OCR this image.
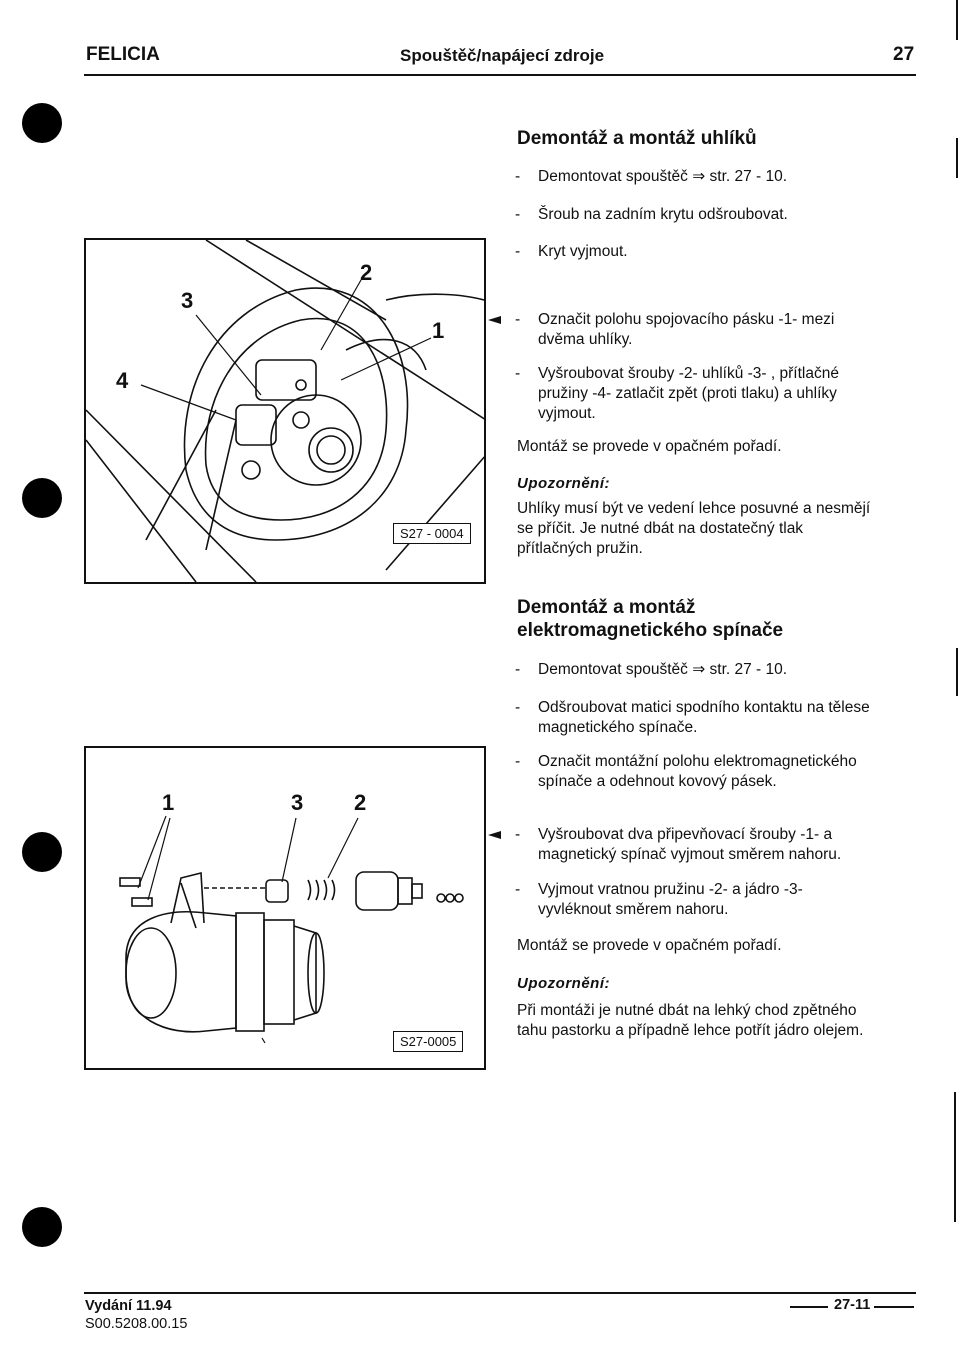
FELICIA	Spouštěč/napájecí zdroje	27
Demontáž a montáž uhlíků
- Demontovat spouštěč ⇒ str. 27 - 10.
- Šroub na zadním krytu odšroubovat.
- Kryt vyjmout.
- Označit polohu spojovacího pásku -1- mezi dvěma uhlíky.
- Vyšroubovat šrouby -2- uhlíků -3- , přítlačné pružiny -4- zatlačit zpět (proti tlaku) a uhlíky vyjmout.
Montáž se provede v opačném pořadí.
Upozornění:
Uhlíky musí být ve vedení lehce posuvné a nesmějí se příčit. Je nutné dbát na dostatečný tlak přítlačných pružin.
1
2
3
4
S27 - 0004
Demontáž a montáž
elektromagnetického spínače
- Demontovat spouštěč ⇒ str. 27 - 10.
- Odšroubovat matici spodního kontaktu na tělese magnetického spínače.
- Označit montážní polohu elektromagnetického spínače a odehnout kovový pásek.
- Vyšroubovat dva připevňovací šrouby -1- a magnetický spínač vyjmout směrem nahoru.
- Vyjmout vratnou pružinu -2- a jádro -3- vyvléknout směrem nahoru.
Montáž se provede v opačném pořadí.
Upozornění:
Při montáži je nutné dbát na lehký chod zpětného tahu pastorku a případně lehce potřít jádro olejem.
1	3 2
S27-0005
Vydání 11.94
S00.5208.00.15
27-11
